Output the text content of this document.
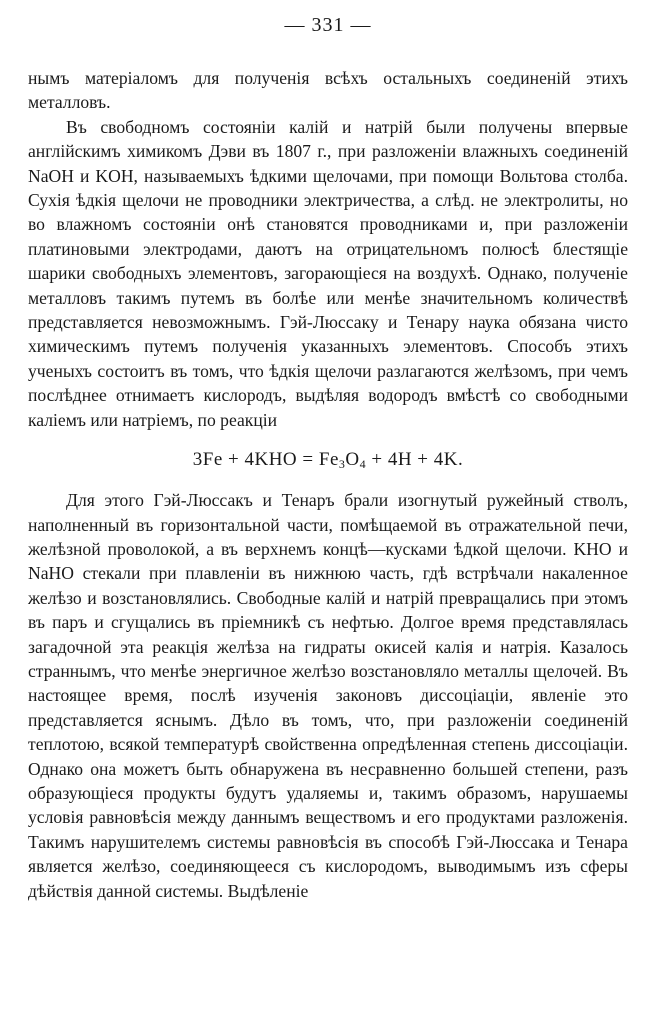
— 331 —

нымъ матеріаломъ для полученія всѣхъ остальныхъ соединеній этихъ металловъ.

Въ свободномъ состояніи калій и натрій были получены впервые англійскимъ химикомъ Дэви въ 1807 г., при разложеніи влажныхъ соединеній NaOH и KOH, называемыхъ ѣдкими щелочами, при помощи Вольтова столба. Сухія ѣдкія щелочи не проводники электричества, а слѣд. не электролиты, но во влажномъ состояніи онѣ становятся проводниками и, при разложеніи платиновыми электродами, даютъ на отрицательномъ полюсѣ блестящіе шарики свободныхъ элементовъ, загорающіеся на воздухѣ. Однако, полученіе металловъ такимъ путемъ въ болѣе или менѣе значительномъ количествѣ представляется невозможнымъ. Гэй-Люссаку и Тенару наука обязана чисто химическимъ путемъ полученія указанныхъ элементовъ. Способъ этихъ ученыхъ состоитъ въ томъ, что ѣдкія щелочи разлагаются желѣзомъ, при чемъ послѣднее отнимаетъ кислородъ, выдѣляя водородъ вмѣстѣ со свободными каліемъ или натріемъ, по реакціи

$3Fe + 4KHO = Fe_3O_4 + 4H + 4K$.

Для этого Гэй-Люссакъ и Тенаръ брали изогнутый ружейный стволъ, наполненный въ горизонтальной части, помѣщаемой въ отражательной печи, желѣзной проволокой, а въ верхнемъ концѣ—кусками ѣдкой щелочи. KHO и NaHO стекали при плавленіи въ нижнюю часть, гдѣ встрѣчали накаленное желѣзо и возстановлялись. Свободные калій и натрій превращались при этомъ въ паръ и сгущались въ пріемникѣ съ нефтью. Долгое время представлялась загадочной эта реакція желѣза на гидраты окисей калія и натрія. Казалось страннымъ, что менѣе энергичное желѣзо возстановляло металлы щелочей. Въ настоящее время, послѣ изученія законовъ диссоціаціи, явленіе это представляется яснымъ. Дѣло въ томъ, что, при разложеніи соединеній теплотою, всякой температурѣ свойственна опредѣленная степень диссоціаціи. Однако она можетъ быть обнаружена въ несравненно большей степени, разъ образующіеся продукты будутъ удаляемы и, такимъ образомъ, нарушаемы условія равновѣсія между даннымъ веществомъ и его продуктами разложенія. Такимъ нарушителемъ системы равновѣсія въ способѣ Гэй-Люссака и Тенара является желѣзо, соединяющееся съ кислородомъ, выводимымъ изъ сферы дѣйствія данной системы. Выдѣленіе
